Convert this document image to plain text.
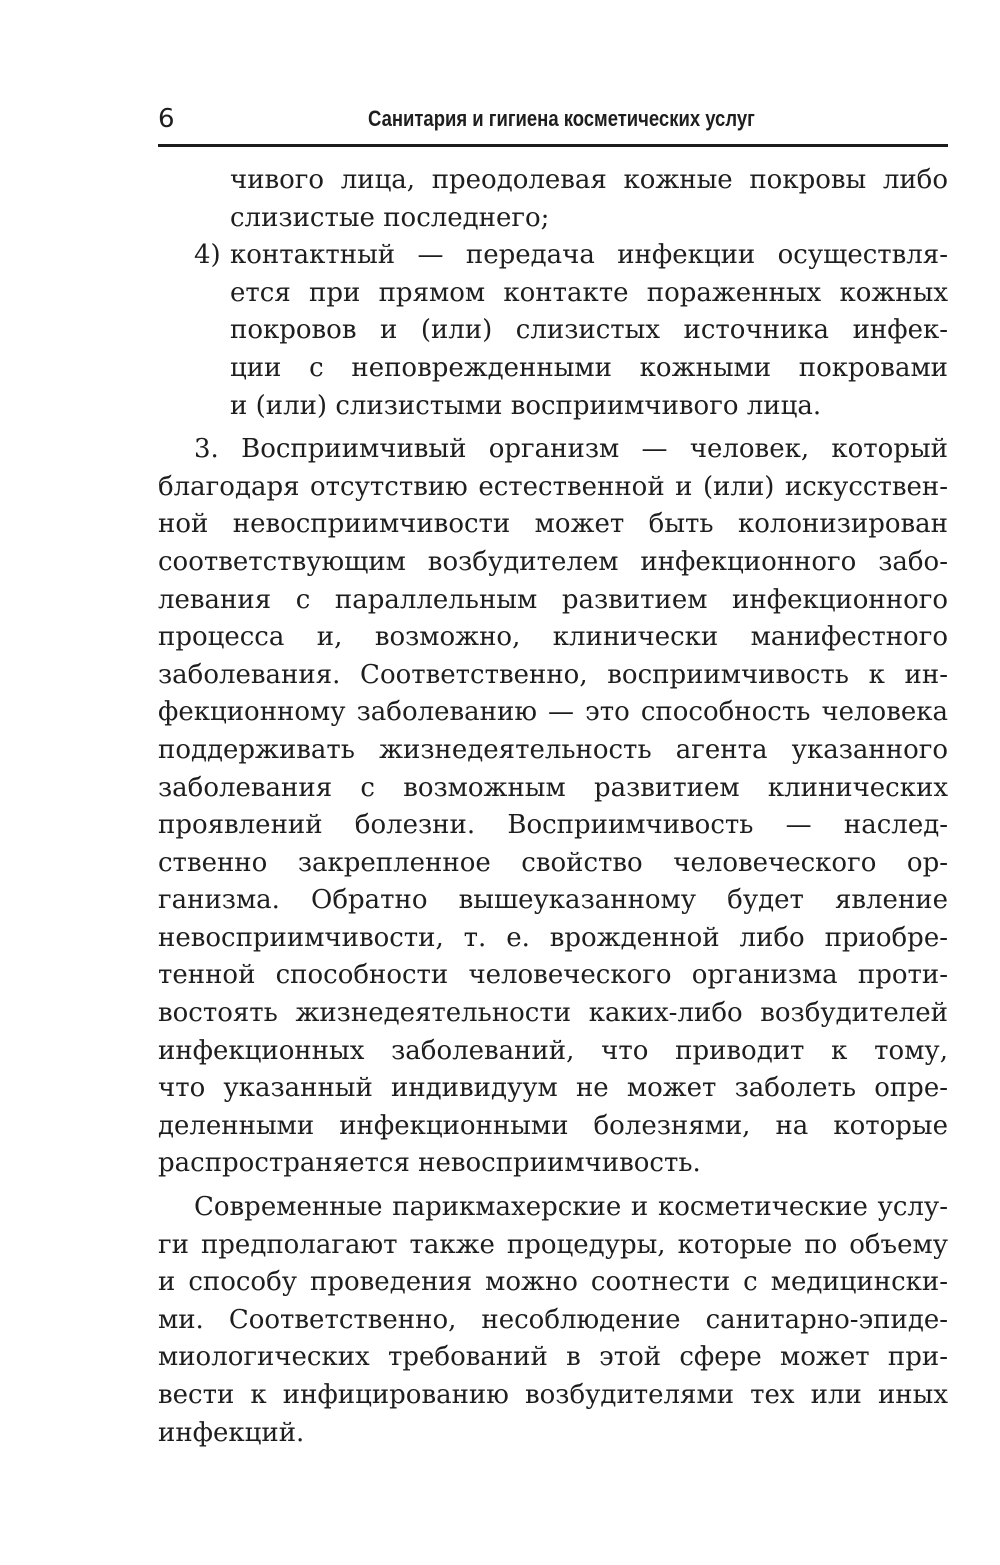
6	Санитария и гигиена косметических услуг
чивого лица, преодолевая кожные покровы либо
слизистые последнего;
4) контактный — передача инфекции осуществля-
ется при прямом контакте пораженных кожных
покровов и (или) слизистых источника инфек-
ции с неповрежденными кожными покровами
и (или) слизистыми восприимчивого лица.
3. Восприимчивый организм — человек, который
благодаря отсутствию естественной и (или) искусствен-
ной невосприимчивости может быть колонизирован
соответствующим возбудителем инфекционного забо-
левания с параллельным развитием инфекционного
процесса и, возможно, клинически манифестного
заболевания. Соответственно, восприимчивость к ин-
фекционному заболеванию — это способность человека
поддерживать жизнедеятельность агента указанного
заболевания с возможным развитием клинических
проявлений болезни. Восприимчивость — наслед-
ственно закрепленное свойство человеческого ор-
ганизма. Обратно вышеуказанному будет явление
невосприимчивости, т. е. врожденной либо приобре-
тенной способности человеческого организма проти-
востоять жизнедеятельности каких-либо возбудителей
инфекционных заболеваний, что приводит к тому,
что указанный индивидуум не может заболеть опре-
деленными инфекционными болезнями, на которые
распространяется невосприимчивость.
Современные парикмахерские и косметические услу-
ги предполагают также процедуры, которые по объему
и способу проведения можно соотнести с медицински-
ми. Соответственно, несоблюдение санитарно-эпиде-
миологических требований в этой сфере может при-
вести к инфицированию возбудителями тех или иных
инфекций.
